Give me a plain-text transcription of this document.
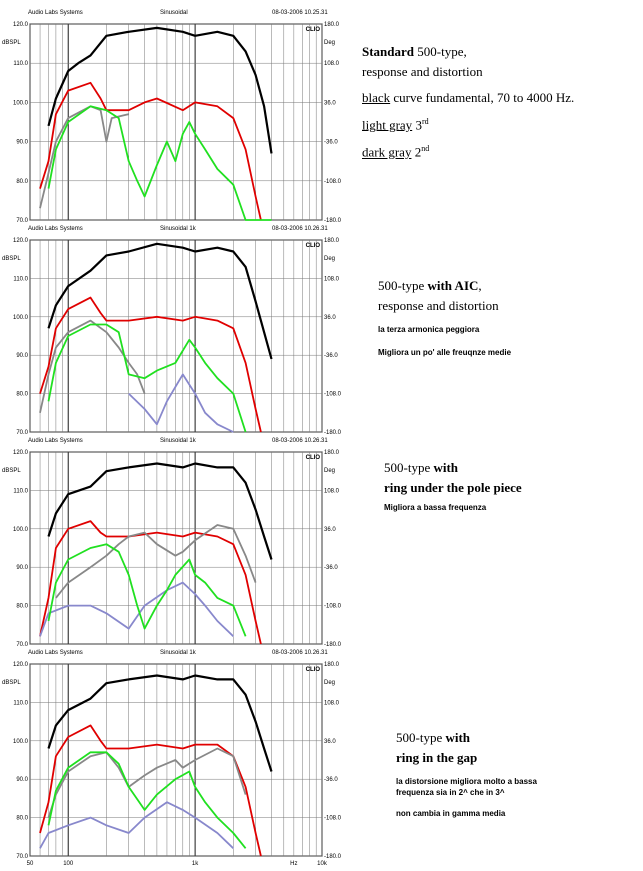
Audio Labs Systems	Sinusoidal	08-03-2006 10.25.31
120.0
110.0
100.0
90.0
80.0
70.0
180.0
108.0
36.0
-36.0
-108.0
-180.0
dBSPL	Deg
CLIO
Audio Labs Systems	Sinusoidal 1k	08-03-2006 10.26.31
120.0
110.0
100.0
90.0
80.0
70.0
180.0
108.0
36.0
-36.0
-108.0
-180.0
dBSPL	Deg
CLIO
Audio Labs Systems	Sinusoidal 1k	08-03-2006 10.26.31
120.0
110.0
100.0
90.0
80.0
70.0
180.0
108.0
36.0
-36.0
-108.0
-180.0
dBSPL	Deg
CLIO
Audio Labs Systems	Sinusoidal 1k	08-03-2006 10.26.31
120.0
110.0
100.0
90.0
80.0
70.0
180.0
108.0
36.0
-36.0
-108.0
-180.0
dBSPL	Deg
CLIO
50	100	1k	Hz	10k
Standard 500-type,
response and distortion
black curve fundamental, 70 to 4000 Hz.
light gray 3rd
dark gray 2nd
500-type with AIC,
response and distortion
la terza armonica peggiora
Migliora un po' alle freuqnze medie
500-type with
ring under the pole piece
Migliora a bassa frequenza
500-type with
ring in the gap
la distorsione migliora molto a bassa frequenza sia in 2^ che in 3^
non cambia in gamma media
